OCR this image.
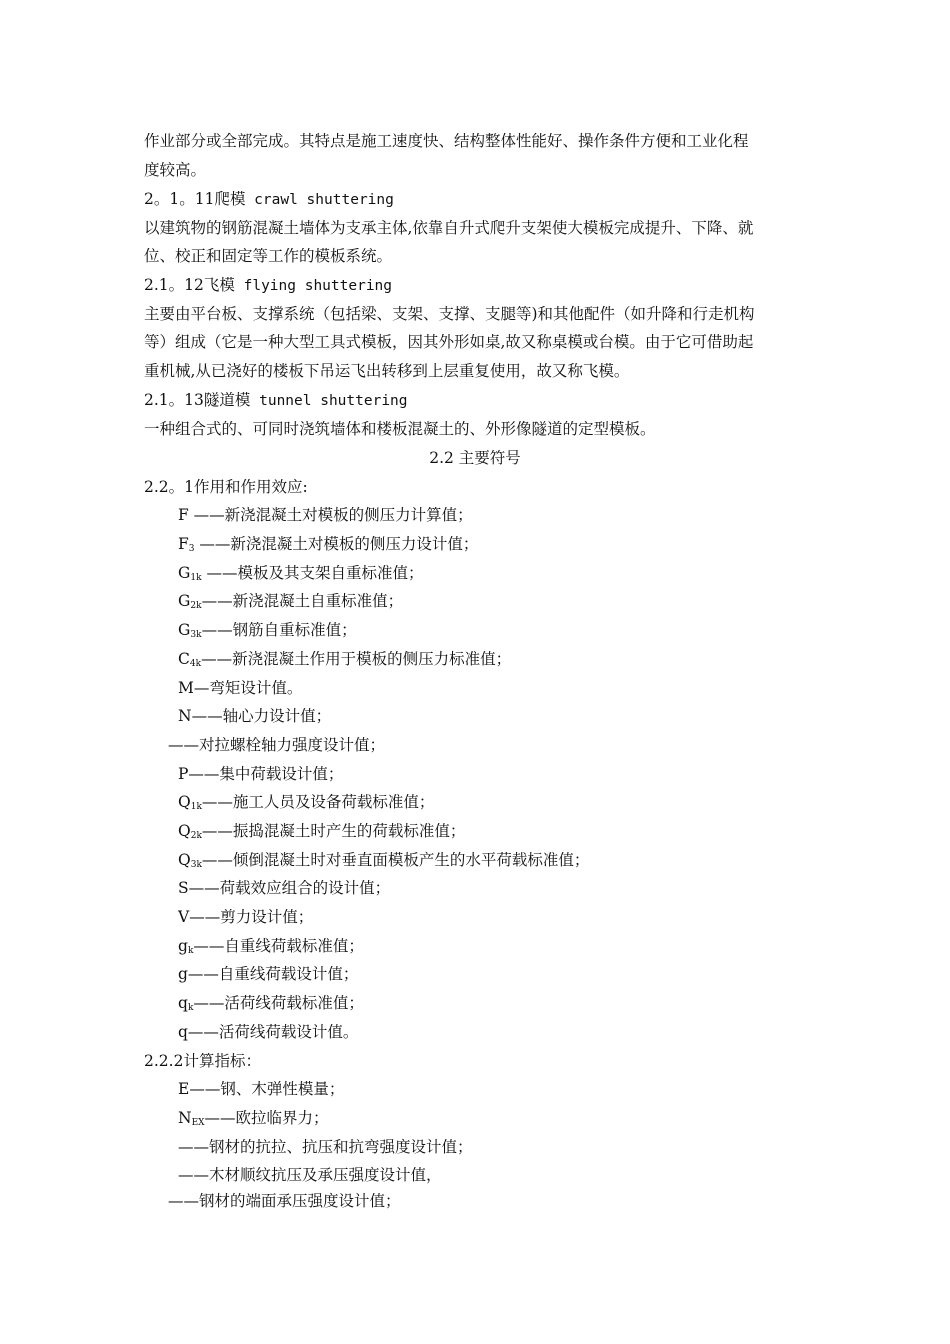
作业部分或全部完成。其特点是施工速度快、结构整体性能好、操作条件方便和工业化程
度较高。
2。1。11爬模 crawl shuttering
以建筑物的钢筋混凝土墙体为支承主体,依靠自升式爬升支架使大模板完成提升、下降、就
位、校正和固定等工作的模板系统。
2.1。12飞模 flying shuttering
主要由平台板、支撑系统（包括梁、支架、支撑、支腿等)和其他配件（如升降和行走机构
等）组成（它是一种大型工具式模板，因其外形如桌,故又称桌模或台模。由于它可借助起
重机械,从已浇好的楼板下吊运飞出转移到上层重复使用，故又称飞模。
2.1。13隧道模 tunnel shuttering
一种组合式的、可同时浇筑墙体和楼板混凝土的、外形像隧道的定型模板。
2.2 主要符号
2.2。1作用和作用效应:
F ——新浇混凝土对模板的侧压力计算值；
$F_3$ ——新浇混凝土对模板的侧压力设计值；
$G_{1k}$ ——模板及其支架自重标准值；
$G_{2k}——$新浇混凝土自重标准值；
$G_{3k}——$钢筋自重标准值；
$C_{4k}——$新浇混凝土作用于模板的侧压力标准值；
M—弯矩设计值。
N——轴心力设计值；
——对拉螺栓轴力强度设计值；
P——集中荷载设计值；
$Q_{1k}——$施工人员及设备荷载标准值；
$Q_{2k}——$振捣混凝土时产生的荷载标准值；
$Q_{3k}——$倾倒混凝土时对垂直面模板产生的水平荷载标准值；
S——荷载效应组合的设计值；
V——剪力设计值；
$g_k——$自重线荷载标准值；
g——自重线荷载设计值；
$q_k——$活荷线荷载标准值；
q——活荷线荷载设计值。
2.2.2计算指标：
E——钢、木弹性模量；
$N_{EX}——$欧拉临界力；
——钢材的抗拉、抗压和抗弯强度设计值；
——木材顺纹抗压及承压强度设计值，
——钢材的端面承压强度设计值；
